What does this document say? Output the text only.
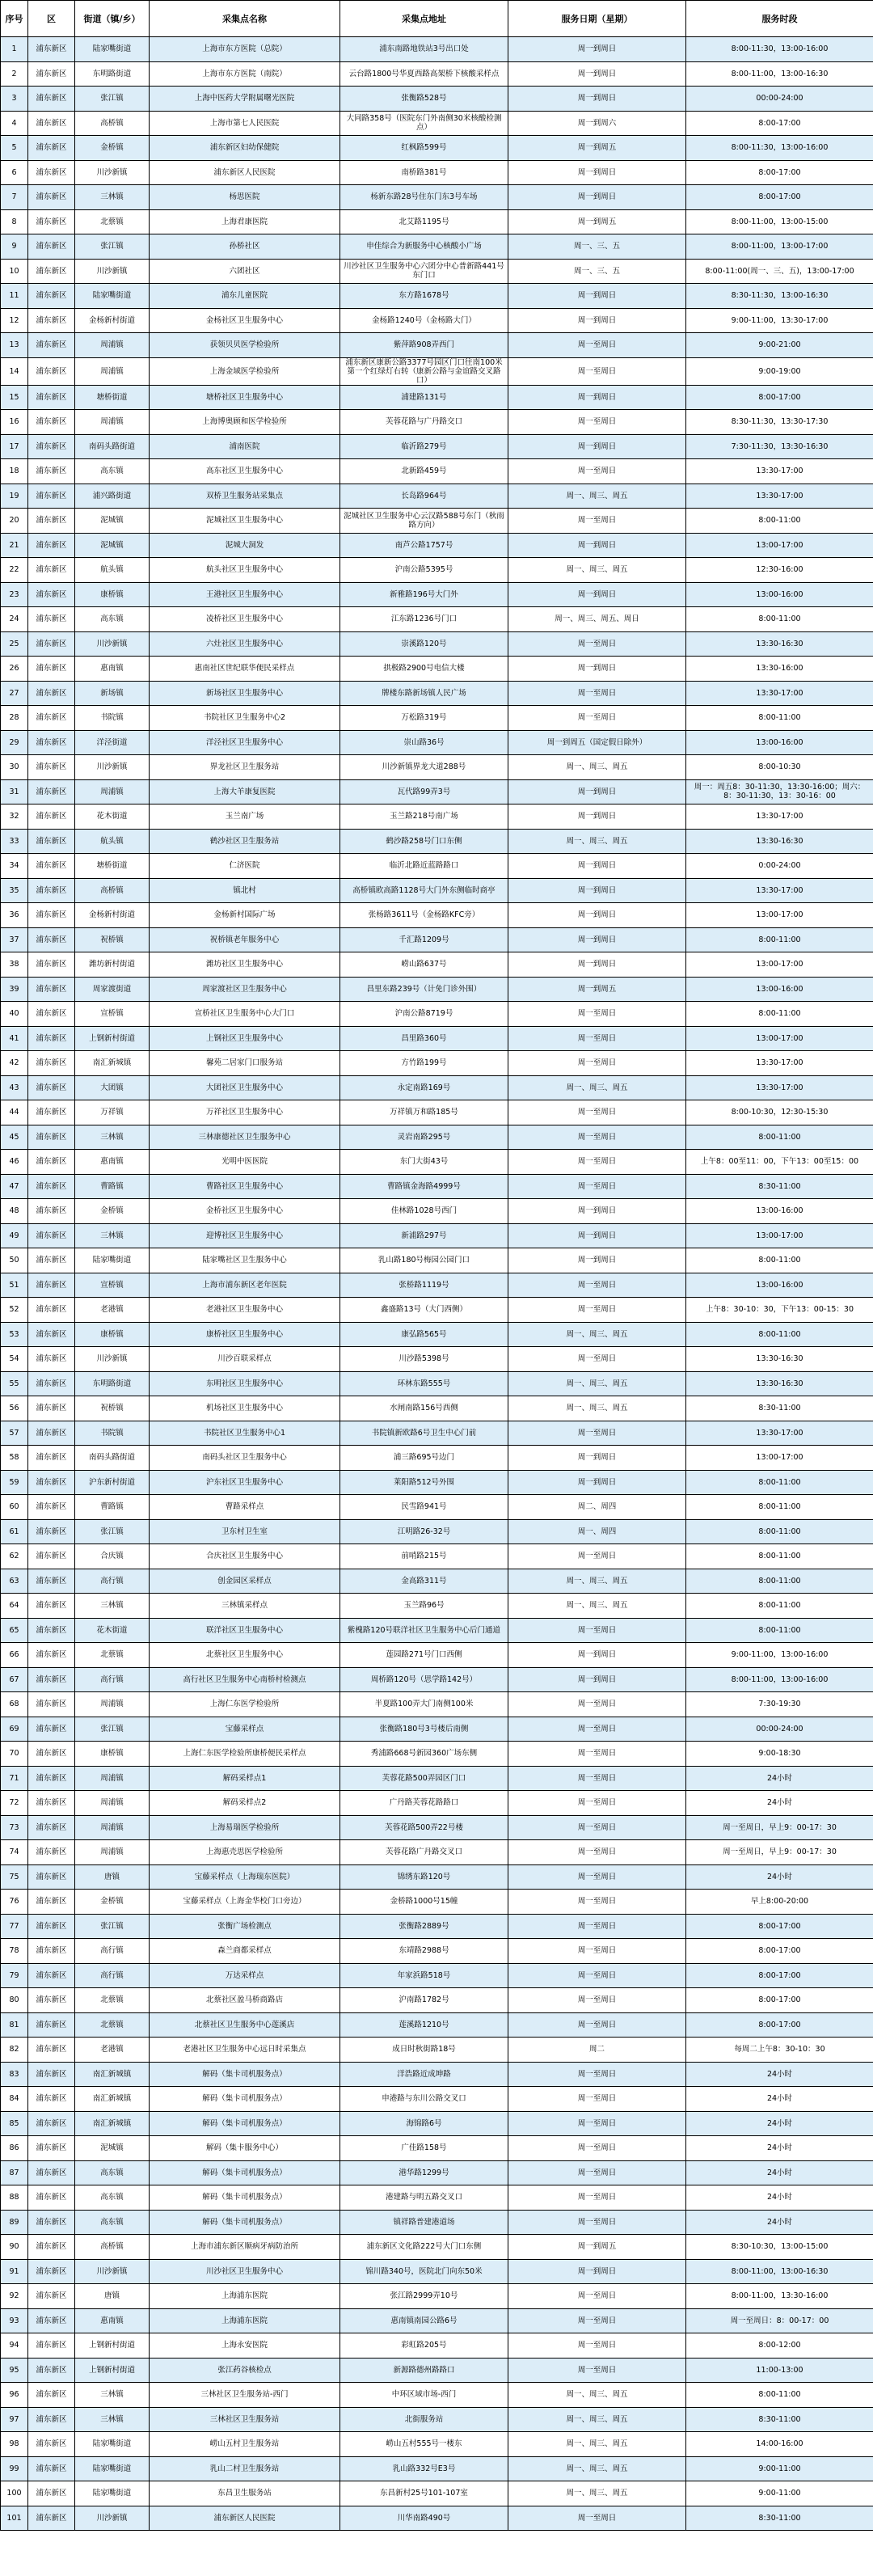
序号	区	街道（镇/乡）	采集点名称	采集点地址	服务日期（星期）	服务时段
1	浦东新区	陆家嘴街道	上海市东方医院（总院）	浦东南路地铁站3号出口处	周一到周日	8:00-11:30，13:00-16:00
2	浦东新区	东明路街道	上海市东方医院（南院）	云台路1800号华夏西路高架桥下核酸采样点	周一到周日	8:00-11:00，13:00-16:30
3	浦东新区	张江镇	上海中医药大学附属曙光医院	张衡路528号	周一到周日	00:00-24:00
4	浦东新区	高桥镇	上海市第七人民医院	大同路358号（医院东门外南侧30米核酸检测点）	周一到周六	8:00-17:00
5	浦东新区	金桥镇	浦东新区妇幼保健院	红枫路599号	周一到周五	8:00-11:30，13:00-16:00
6	浦东新区	川沙新镇	浦东新区人民医院	南桥路381号	周一到周日	8:00-17:00
7	浦东新区	三林镇	杨思医院	杨新东路28号住东门东3号车场	周一到周日	8:00-17:00
8	浦东新区	北蔡镇	上海君康医院	北艾路1195号	周一到周五	8:00-11:00，13:00-15:00
9	浦东新区	张江镇	孙桥社区	申佳综合为新服务中心核酸小广场	周一、三、五	8:00-11:00，13:00-17:00
10	浦东新区	川沙新镇	六团社区	川沙社区卫生服务中心六团分中心普新路441号东门口	周一、三、五	8:00-11:00(周一、三、五)，13:00-17:00
11	浦东新区	陆家嘴街道	浦东儿童医院	东方路1678号	周一到周日	8:30-11:30，13:00-16:30
12	浦东新区	金杨新村街道	金杨社区卫生服务中心	金杨路1240号（金杨路大门）	周一到周日	9:00-11:00，13:30-17:00
13	浦东新区	周浦镇	获领贝贝医学检验所	紫萍路908弄西门	周一至周日	9:00-21:00
14	浦东新区	周浦镇	上海金域医学检验所	浦东新区康新公路3377号园区门口往南100米第一个红绿灯右转（康新公路与金谊路交叉路口）	周一至周日	9:00-19:00
15	浦东新区	塘桥街道	塘桥社区卫生服务中心	浦建路131号	周一到周日	8:00-17:00
16	浦东新区	周浦镇	上海博奥顾和医学检验所	芙蓉花路与广丹路交口	周一至周日	8:30-11:30，13:30-17:30
17	浦东新区	南码头路街道	浦南医院	临沂路279号	周一到周日	7:30-11:30，13:30-16:30
18	浦东新区	高东镇	高东社区卫生服务中心	北新路459号	周一至周日	13:30-17:00
19	浦东新区	浦兴路街道	双桥卫生服务站采集点	长岛路964号	周一、周三、周五	13:30-17:00
20	浦东新区	泥城镇	泥城社区卫生服务中心	泥城社区卫生服务中心云汉路588号东门（秋雨路方向）	周一至周日	8:00-11:00
21	浦东新区	泥城镇	泥城大洞发	南芦公路1757号	周一到周日	13:00-17:00
22	浦东新区	航头镇	航头社区卫生服务中心	沪南公路5395号	周一、周三、周五	12:30-16:00
23	浦东新区	康桥镇	王港社区卫生服务中心	新雅路196号大门外	周一到周日	13:00-16:00
24	浦东新区	高东镇	凌桥社区卫生服务中心	江东路1236号门口	周一、周三、周五、周日	8:00-11:00
25	浦东新区	川沙新镇	六灶社区卫生服务中心	崇溪路120号	周一至周日	13:30-16:30
26	浦东新区	惠南镇	惠南社区世纪联华便民采样点	拱极路2900号电信大楼	周一到周日	13:30-16:00
27	浦东新区	新场镇	新场社区卫生服务中心	牌楼东路新场镇人民广场	周一至周日	13:30-17:00
28	浦东新区	书院镇	书院社区卫生服务中心2	万松路319号	周一至周日	8:00-11:00
29	浦东新区	洋泾街道	洋泾社区卫生服务中心	崇山路36号	周一到周五（国定假日除外）	13:00-16:00
30	浦东新区	川沙新镇	界龙社区卫生服务站	川沙新镇界龙大道288号	周一、周三、周五	8:00-10:30
31	浦东新区	周浦镇	上海大羊康复医院	瓦代路99弄3号	周一到周日	周一：周五8：30-11:30，13:30-16:00；周六：8：30-11:30，13：30-16：00
32	浦东新区	花木街道	玉兰南广场	玉兰路218号南广场	周一到周日	13:30-17:00
33	浦东新区	航头镇	鹤沙社区卫生服务站	鹤沙路258号门口东侧	周一、周三、周五	13:30-16:30
34	浦东新区	塘桥街道	仁济医院	临沂北路近蓝路路口	周一到周日	0:00-24:00
35	浦东新区	高桥镇	镇北村	高桥镇欧高路1128号大门外东侧临时商亭	周一到周日	13:30-17:00
36	浦东新区	金杨新村街道	金杨新村国际广场	张杨路3611号（金杨路KFC旁）	周一到周日	13:00-17:00
37	浦东新区	祝桥镇	祝桥镇老年服务中心	千汇路1209号	周一到周日	8:00-11:00
38	浦东新区	潍坊新村街道	潍坊社区卫生服务中心	崂山路637号	周一到周日	13:00-17:00
39	浦东新区	周家渡街道	周家渡社区卫生服务中心	昌里东路239号（计免门诊外围）	周一到周五	13:00-16:00
40	浦东新区	宣桥镇	宣桥社区卫生服务中心大门口	沪南公路8719号	周一至周日	8:00-11:00
41	浦东新区	上钢新村街道	上钢社区卫生服务中心	昌里路360号	周一至周日	13:00-17:00
42	浦东新区	南汇新城镇	馨苑二居家门口服务站	方竹路199号	周一至周日	13:30-17:00
43	浦东新区	大团镇	大团社区卫生服务中心	永定南路169号	周一、周三、周五	13:30-17:00
44	浦东新区	万祥镇	万祥社区卫生服务中心	万祥镇万和路185号	周一至周日	8:00-10:30，12:30-15:30
45	浦东新区	三林镇	三林康德社区卫生服务中心	灵岩南路295号	周一至周日	8:00-11:00
46	浦东新区	惠南镇	光明中医医院	东门大街43号	周一至周日	上午8：00至11：00，下午13：00至15：00
47	浦东新区	曹路镇	曹路社区卫生服务中心	曹路镇金海路4999号	周一至周日	8:30-11:00
48	浦东新区	金桥镇	金桥社区卫生服务中心	佳林路1028号西门	周一到周日	13:00-16:00
49	浦东新区	三林镇	迎博社区卫生服务中心	新浦路297号	周一到周日	13:00-17:00
50	浦东新区	陆家嘴街道	陆家嘴社区卫生服务中心	乳山路180号梅园公园门口	周一到周日	8:00-11:00
51	浦东新区	宣桥镇	上海市浦东新区老年医院	张桥路1119号	周一至周日	13:00-16:00
52	浦东新区	老港镇	老港社区卫生服务中心	鑫盛路13号（大门西侧）	周一至周日	上午8：30-10：30，下午13：00-15：30
53	浦东新区	康桥镇	康桥社区卫生服务中心	康弘路565号	周一、周三、周五	8:00-11:00
54	浦东新区	川沙新镇	川沙百联采样点	川沙路5398号	周一至周日	13:30-16:30
55	浦东新区	东明路街道	东明社区卫生服务中心	环林东路555号	周一、周三、周五	13:30-16:30
56	浦东新区	祝桥镇	机场社区卫生服务中心	水闸南路156号西侧	周一、周三、周五	8:30-11:00
57	浦东新区	书院镇	书院社区卫生服务中心1	书院镇新欧路6号卫生中心门前	周一至周日	13:30-17:00
58	浦东新区	南码头路街道	南码头社区卫生服务中心	浦三路695号边门	周一到周日	13:00-17:00
59	浦东新区	沪东新村街道	沪东社区卫生服务中心	莱阳路512号外围	周一到周日	8:00-11:00
60	浦东新区	曹路镇	曹路采样点	民雪路941号	周二、周四	8:00-11:00
61	浦东新区	张江镇	卫东村卫生室	江明路26-32号	周一、周四	8:00-11:00
62	浦东新区	合庆镇	合庆社区卫生服务中心	前哨路215号	周一至周日	8:00-11:00
63	浦东新区	高行镇	创金园区采样点	金高路311号	周一、周三、周五	8:00-11:00
64	浦东新区	三林镇	三林镇采样点	玉兰路96号	周一、周三、周五	8:00-11:00
65	浦东新区	花木街道	联洋社区卫生服务中心	紫槐路120号联洋社区卫生服务中心后门通道	周一至周日	8:00-11:00
66	浦东新区	北蔡镇	北蔡社区卫生服务中心	莲园路271号门口西侧	周一到周日	9:00-11:00，13:00-16:00
67	浦东新区	高行镇	高行社区卫生服务中心南桥村检测点	周桥路120号（思学路142号）	周一到周日	8:00-11:00，13:00-16:00
68	浦东新区	周浦镇	上海仁东医学检验所	半夏路100弄大门南侧100米	周一至周日	7:30-19:30
69	浦东新区	张江镇	宝藤采样点	张衡路180号3号楼后南侧	周一至周日	00:00-24:00
70	浦东新区	康桥镇	上海仁东医学检验所康桥便民采样点	秀浦路668号新园360广场东侧	周一至周日	9:00-18:30
71	浦东新区	周浦镇	解码采样点1	芙蓉花路500弄园区门口	周一至周日	24小时
72	浦东新区	周浦镇	解码采样点2	广丹路芙蓉花路路口	周一至周日	24小时
73	浦东新区	周浦镇	上海易瑞医学检验所	芙蓉花路500弄22号楼	周一至周日	周一至周日，早上9：00-17：30
74	浦东新区	周浦镇	上海惠壳思医学检验所	芙蓉花路广丹路交叉口	周一至周日	周一至周日，早上9：00-17：30
75	浦东新区	唐镇	宝藤采样点（上海瑞东医院）	锦绣东路120号	周一至周日	24小时
76	浦东新区	金桥镇	宝藤采样点（上海金华校门口旁边）	金桥路1000号15幢	周一至周日	早上8:00-20:00
77	浦东新区	张江镇	张衡广场检测点	张衡路2889号	周一至周日	8:00-17:00
78	浦东新区	高行镇	森兰商都采样点	东靖路2988号	周一至周日	8:00-17:00
79	浦东新区	高行镇	万达采样点	年家浜路518号	周一至周日	8:00-17:00
80	浦东新区	北蔡镇	北蔡社区盈马桥商路店	沪南路1782号	周一至周日	8:00-17:00
81	浦东新区	北蔡镇	北蔡社区卫生服务中心莲溪店	莲溪路1210号	周一至周日	8:00-17:00
82	浦东新区	老港镇	老港社区卫生服务中心远日时采集点	成日时秋街路18号	周二	每周二上午8：30-10：30
83	浦东新区	南汇新城镇	解码（集卡司机服务点）	洋浩路近成坤路	周一至周日	24小时
84	浦东新区	南汇新城镇	解码（集卡司机服务点）	申港路与东川公路交叉口	周一至周日	24小时
85	浦东新区	南汇新城镇	解码（集卡司机服务点）	海锦路6号	周一至周日	24小时
86	浦东新区	泥城镇	解码（集卡服务中心）	广佳路158号	周一至周日	24小时
87	浦东新区	高东镇	解码（集卡司机服务点）	港华路1299号	周一至周日	24小时
88	浦东新区	高东镇	解码（集卡司机服务点）	港建路与明五路交叉口	周一至周日	24小时
89	浦东新区	高东镇	解码（集卡司机服务点）	镇祥路普建港道场	周一至周日	24小时
90	浦东新区	高桥镇	上海市浦东新区顺病牙病防治所	浦东新区文化路222号大门口东侧	周一到周五	8:30-10:30，13:00-15:00
91	浦东新区	川沙新镇	川沙社区卫生服务中心	锦川路340号，医院北门向东50米	周一到周日	8:00-11:00，13:00-16:30
92	浦东新区	唐镇	上海浦东医院	张江路2999弄10号	周一至周日	8:00-11:00，13:30-16:00
93	浦东新区	惠南镇	上海浦东医院	惠南镇南园公路6号	周一至周日	周一至周日：8：00-17：00
94	浦东新区	上钢新村街道	上海永安医院	彩虹路205号	周一至周日	8:00-12:00
95	浦东新区	上钢新村街道	张江药谷核检点	新源路德州路路口	周一至周日	11:00-13:00
96	浦东新区	三林镇	三林社区卫生服务站-西门	中环区域市场-西门	周一、周三、周五	8:00-11:00
97	浦东新区	三林镇	三林社区卫生服务站	北街服务站	周一、周三、周五	8:30-11:00
98	浦东新区	陆家嘴街道	崂山五村卫生服务站	崂山五村555号一楼东	周一、周三、周五	14:00-16:00
99	浦东新区	陆家嘴街道	乳山二村卫生服务站	乳山路332号E3号	周一、周三、周五	9:00-11:00
100	浦东新区	陆家嘴街道	东昌卫生服务站	东昌新村25号101-107室	周一、周三、周五	9:00-11:00
101	浦东新区	川沙新镇	浦东新区人民医院	川华南路490号	周一至周日	8:30-11:00
